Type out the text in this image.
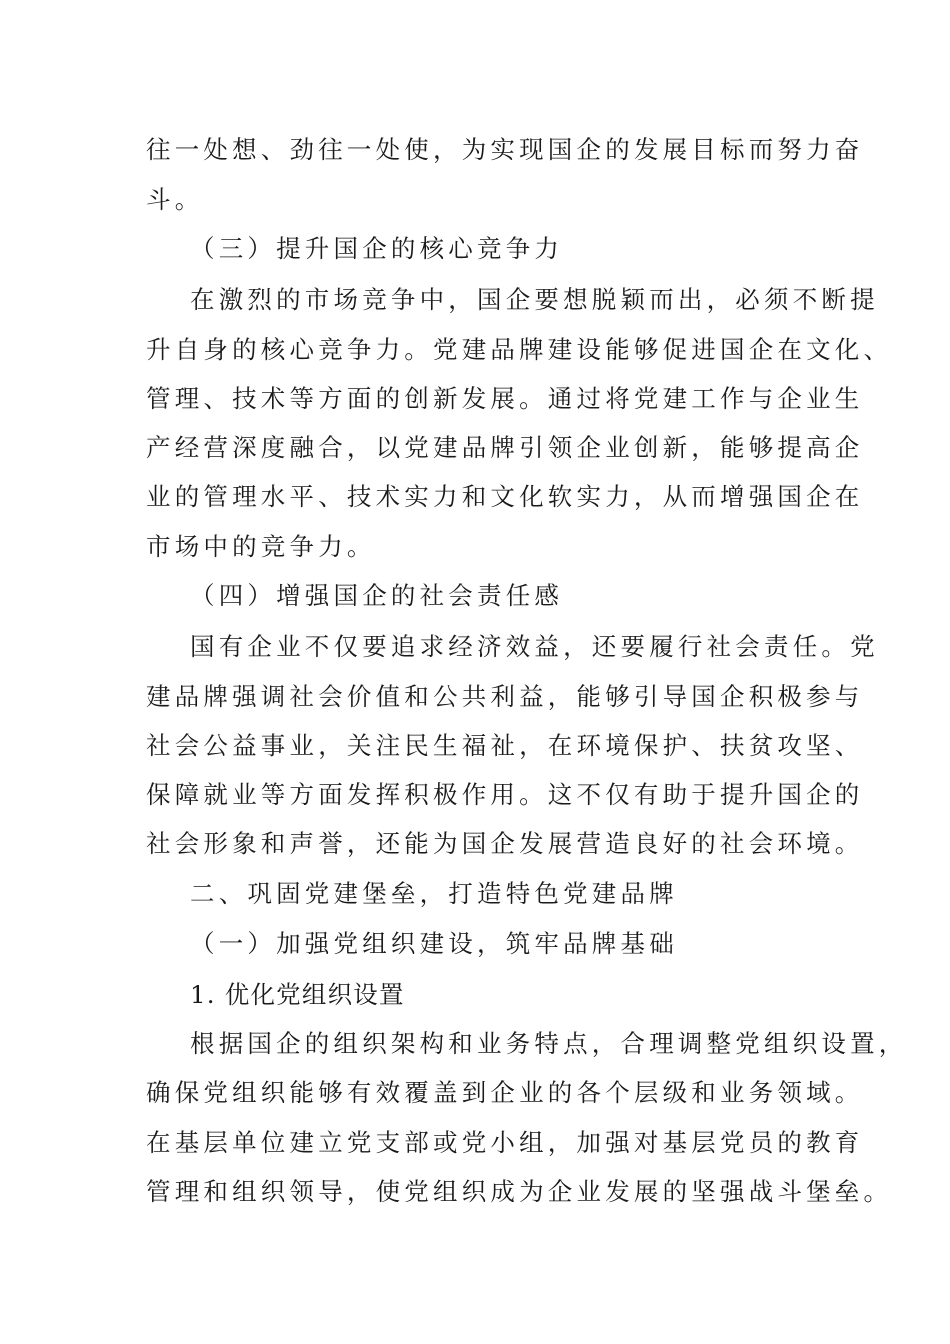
往一处想、劲往一处使，为实现国企的发展目标而努力奋
斗。
（三）提升国企的核心竞争力
在激烈的市场竞争中，国企要想脱颖而出，必须不断提
升自身的核心竞争力。党建品牌建设能够促进国企在文化、
管理、技术等方面的创新发展。通过将党建工作与企业生
产经营深度融合，以党建品牌引领企业创新，能够提高企
业的管理水平、技术实力和文化软实力，从而增强国企在
市场中的竞争力。
（四）增强国企的社会责任感
国有企业不仅要追求经济效益，还要履行社会责任。党
建品牌强调社会价值和公共利益，能够引导国企积极参与
社会公益事业，关注民生福祉，在环境保护、扶贫攻坚、
保障就业等方面发挥积极作用。这不仅有助于提升国企的
社会形象和声誉，还能为国企发展营造良好的社会环境。
二、巩固党建堡垒，打造特色党建品牌
（一）加强党组织建设，筑牢品牌基础
1. 优化党组织设置
根据国企的组织架构和业务特点，合理调整党组织设置，
确保党组织能够有效覆盖到企业的各个层级和业务领域。
在基层单位建立党支部或党小组，加强对基层党员的教育
管理和组织领导，使党组织成为企业发展的坚强战斗堡垒。
